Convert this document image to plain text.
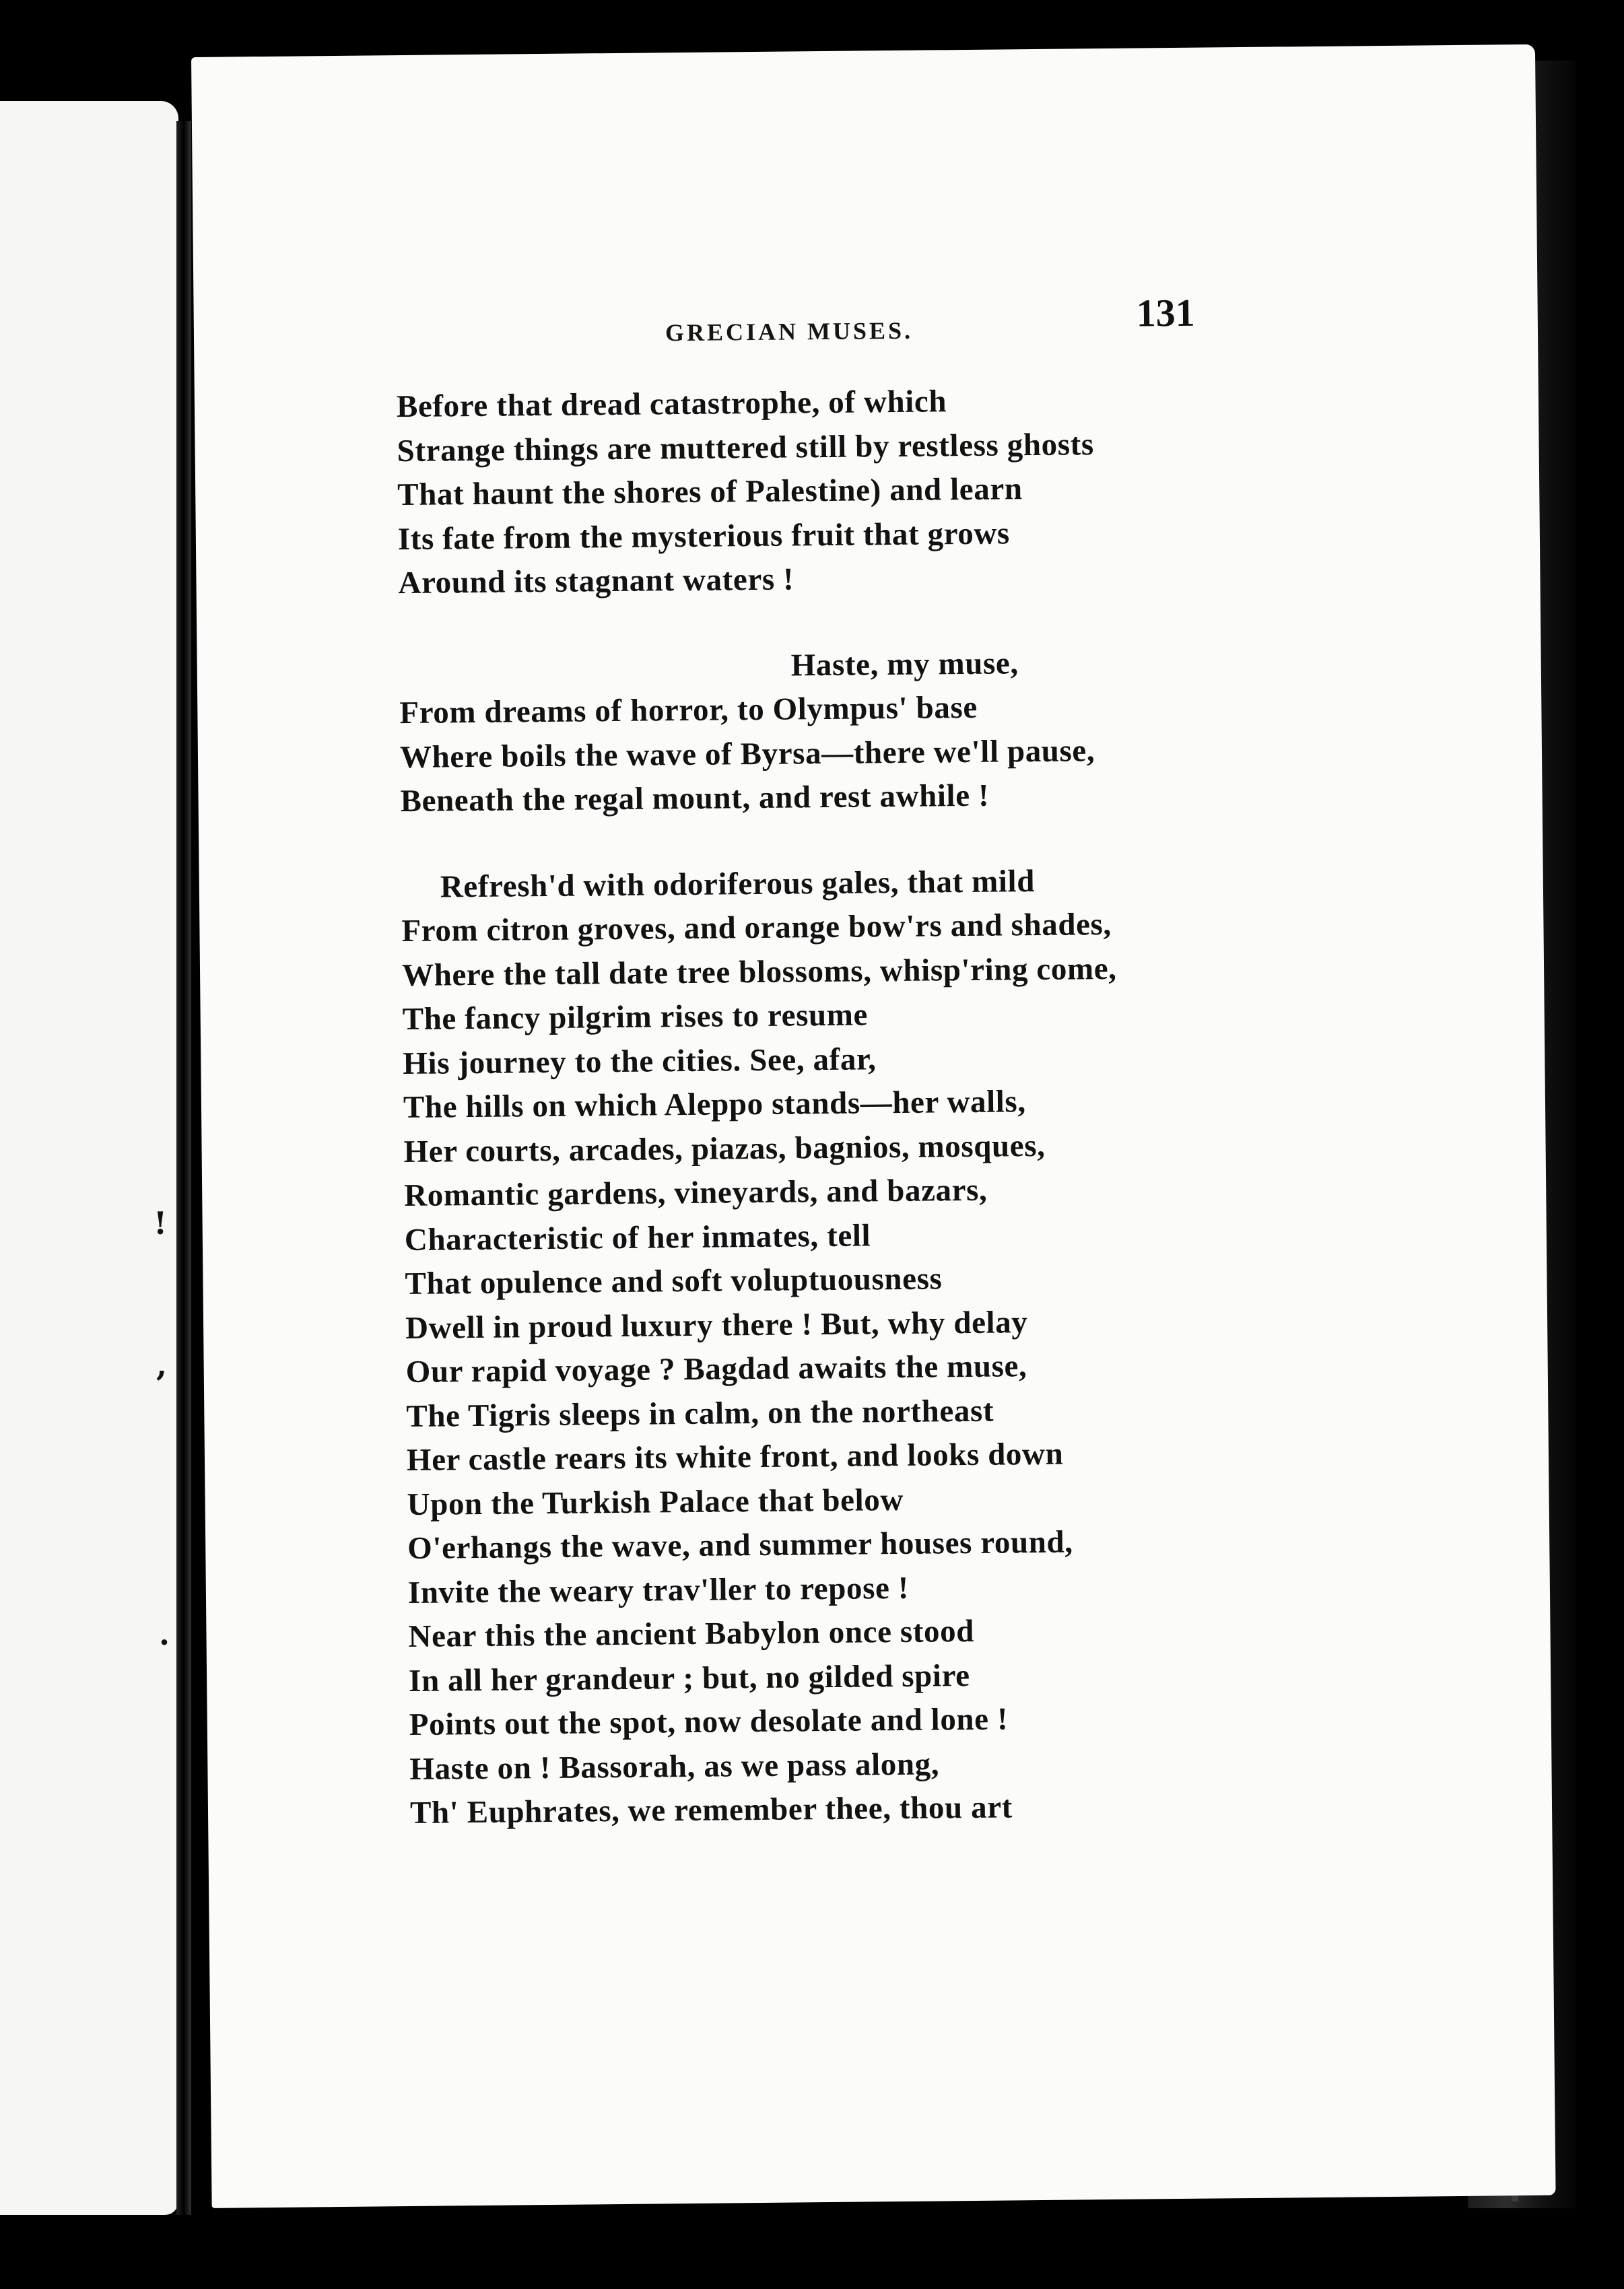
!
,
.
GRECIAN MUSES.	131
Before that dread catastrophe, of which
Strange things are muttered still by restless ghosts
That haunt the shores of Palestine) and learn
Its fate from the mysterious fruit that grows
Around its stagnant waters !
Haste, my muse,
From dreams of horror, to Olympus' base
Where boils the wave of Byrsa—there we'll pause,
Beneath the regal mount, and rest awhile !
Refresh'd with odoriferous gales, that mild
From citron groves, and orange bow'rs and shades,
Where the tall date tree blossoms, whisp'ring come,
The fancy pilgrim rises to resume
His journey to the cities. See, afar,
The hills on which Aleppo stands—her walls,
Her courts, arcades, piazas, bagnios, mosques,
Romantic gardens, vineyards, and bazars,
Characteristic of her inmates, tell
That opulence and soft voluptuousness
Dwell in proud luxury there ! But, why delay
Our rapid voyage ? Bagdad awaits the muse,
The Tigris sleeps in calm, on the northeast
Her castle rears its white front, and looks down
Upon the Turkish Palace that below
O'erhangs the wave, and summer houses round,
Invite the weary trav'ller to repose !
Near this the ancient Babylon once stood
In all her grandeur ; but, no gilded spire
Points out the spot, now desolate and lone !
Haste on ! Bassorah, as we pass along,
Th' Euphrates, we remember thee, thou art
